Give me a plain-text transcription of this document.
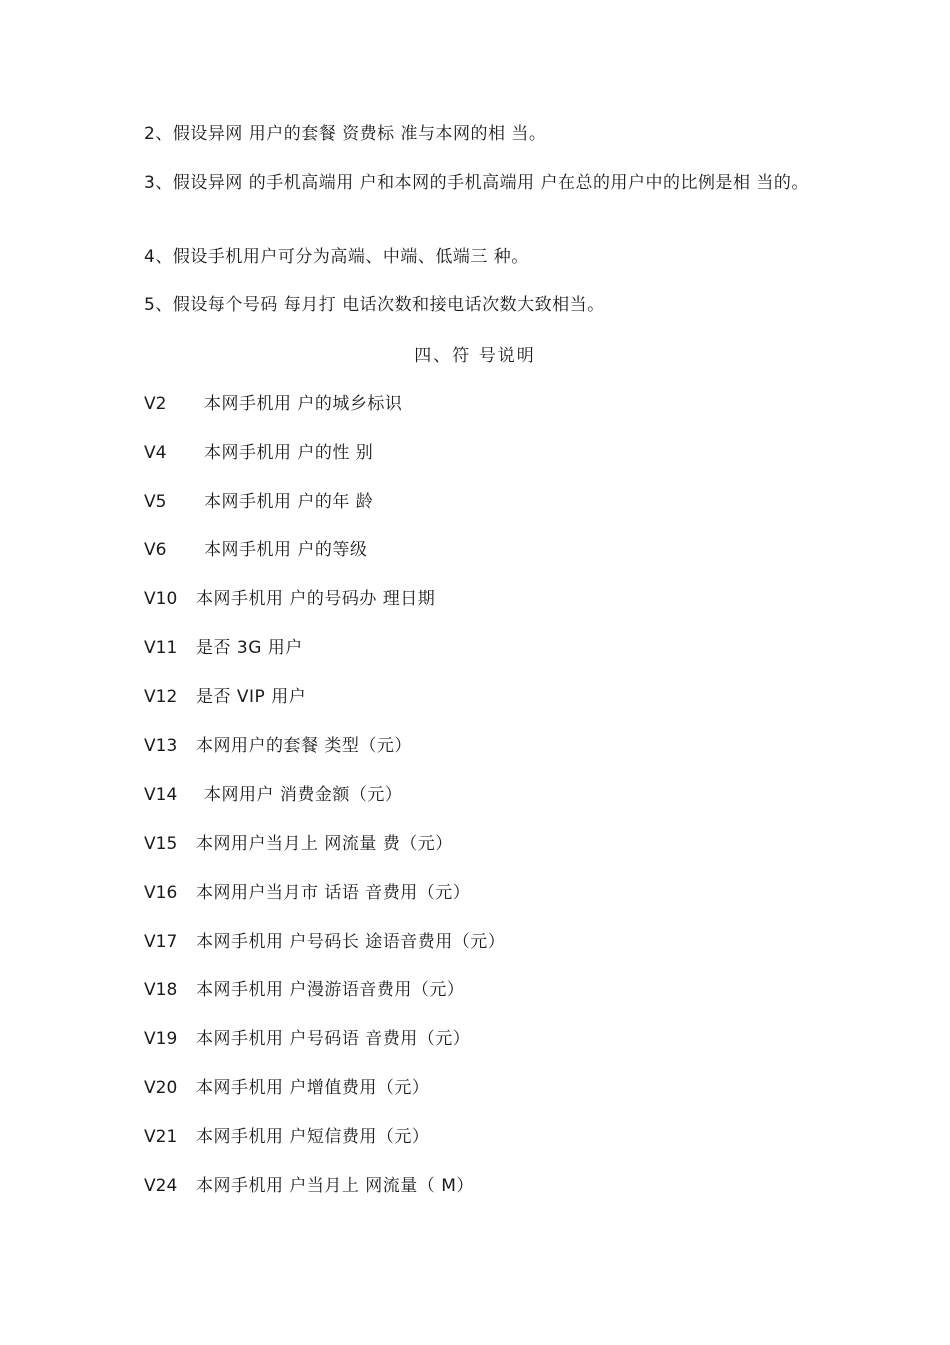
2、假设异网 用户的套餐 资费标 准与本网的相 当。
3、假设异网 的手机高端用 户和本网的手机高端用 户在总的用户中的比例是相 当的。
4、假设手机用户可分为高端、中端、低端三 种。
5、假设每个号码 每月打 电话次数和接电话次数大致相当。
四、符 号说明
V2 本网手机用 户的城乡标识
V4 本网手机用 户的性 别
V5 本网手机用 户的年 龄
V6 本网手机用 户的等级
V10 本网手机用 户的号码办 理日期
V11 是否 3G 用户
V12 是否 VIP 用户
V13 本网用户的套餐 类型（元）
V14 本网用户 消费金额（元）
V15 本网用户当月上 网流量 费（元）
V16 本网用户当月市 话语 音费用（元）
V17 本网手机用 户号码长 途语音费用（元）
V18 本网手机用 户漫游语音费用（元）
V19 本网手机用 户号码语 音费用（元）
V20 本网手机用 户增值费用（元）
V21 本网手机用 户短信费用（元）
V24 本网手机用 户当月上 网流量（ M）
